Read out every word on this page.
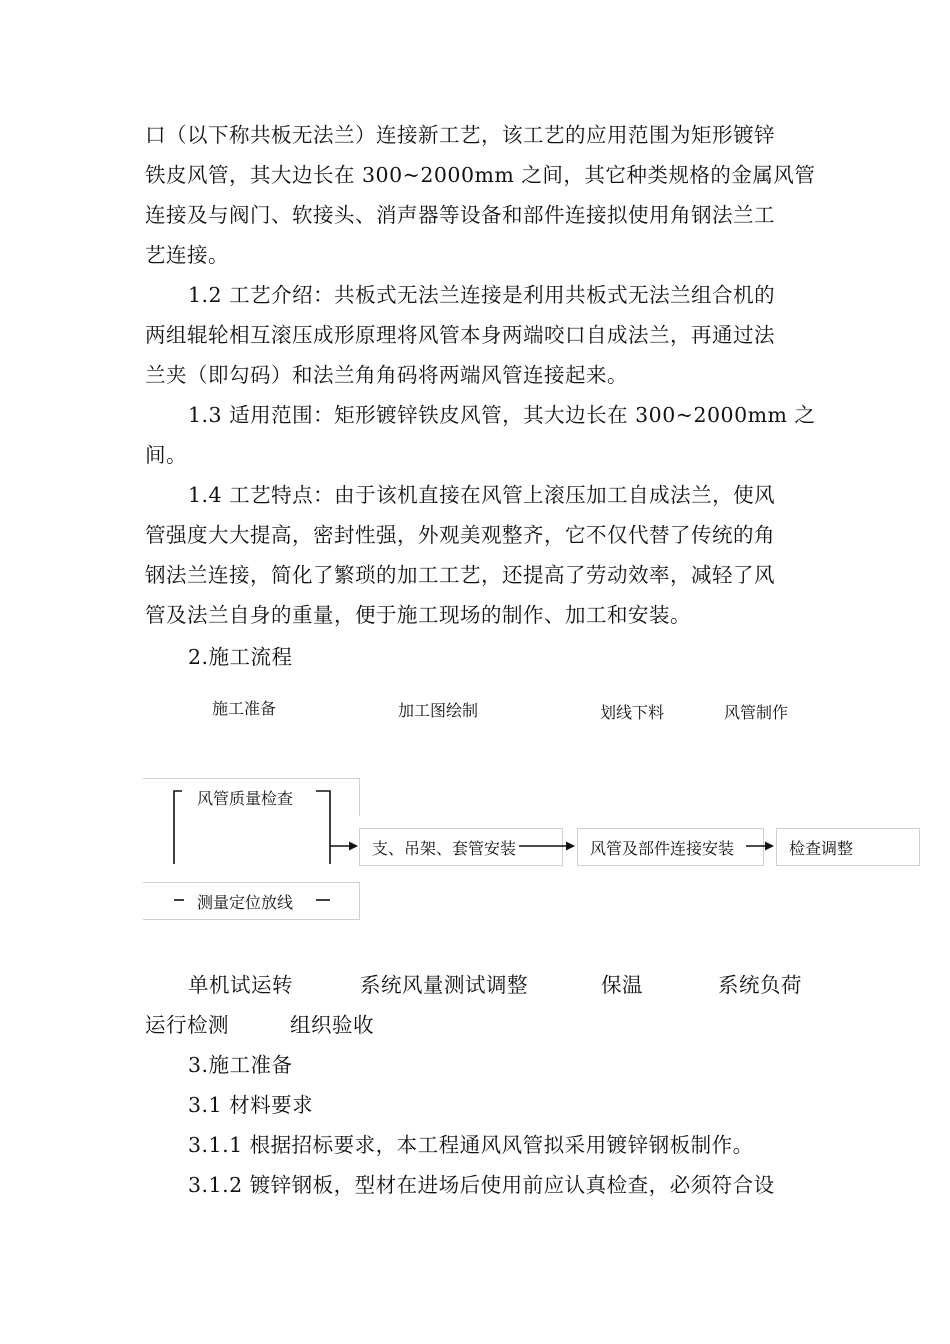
口（以下称共板无法兰）连接新工艺，该工艺的应用范围为矩形镀锌
铁皮风管，其大边长在 300~2000mm 之间，其它种类规格的金属风管
连接及与阀门、软接头、消声器等设备和部件连接拟使用角钢法兰工
艺连接。
1.2 工艺介绍：共板式无法兰连接是利用共板式无法兰组合机的
两组辊轮相互滚压成形原理将风管本身两端咬口自成法兰，再通过法
兰夹（即勾码）和法兰角角码将两端风管连接起来。
1.3 适用范围：矩形镀锌铁皮风管，其大边长在 300~2000mm 之
间。
1.4 工艺特点：由于该机直接在风管上滚压加工自成法兰，使风
管强度大大提高，密封性强，外观美观整齐，它不仅代替了传统的角
钢法兰连接，简化了繁琐的加工工艺，还提高了劳动效率，减轻了风
管及法兰自身的重量，便于施工现场的制作、加工和安装。
2.施工流程
施工准备	加工图绘制	划线下料	风管制作
风管质量检查
测量定位放线
支、吊架、套管安装	风管及部件连接安装	检查调整
单机试运转	系统风量测试调整	保温	系统负荷
运行检测	组织验收
3.施工准备
3.1 材料要求
3.1.1 根据招标要求，本工程通风风管拟采用镀锌钢板制作。
3.1.2 镀锌钢板，型材在进场后使用前应认真检查，必须符合设
